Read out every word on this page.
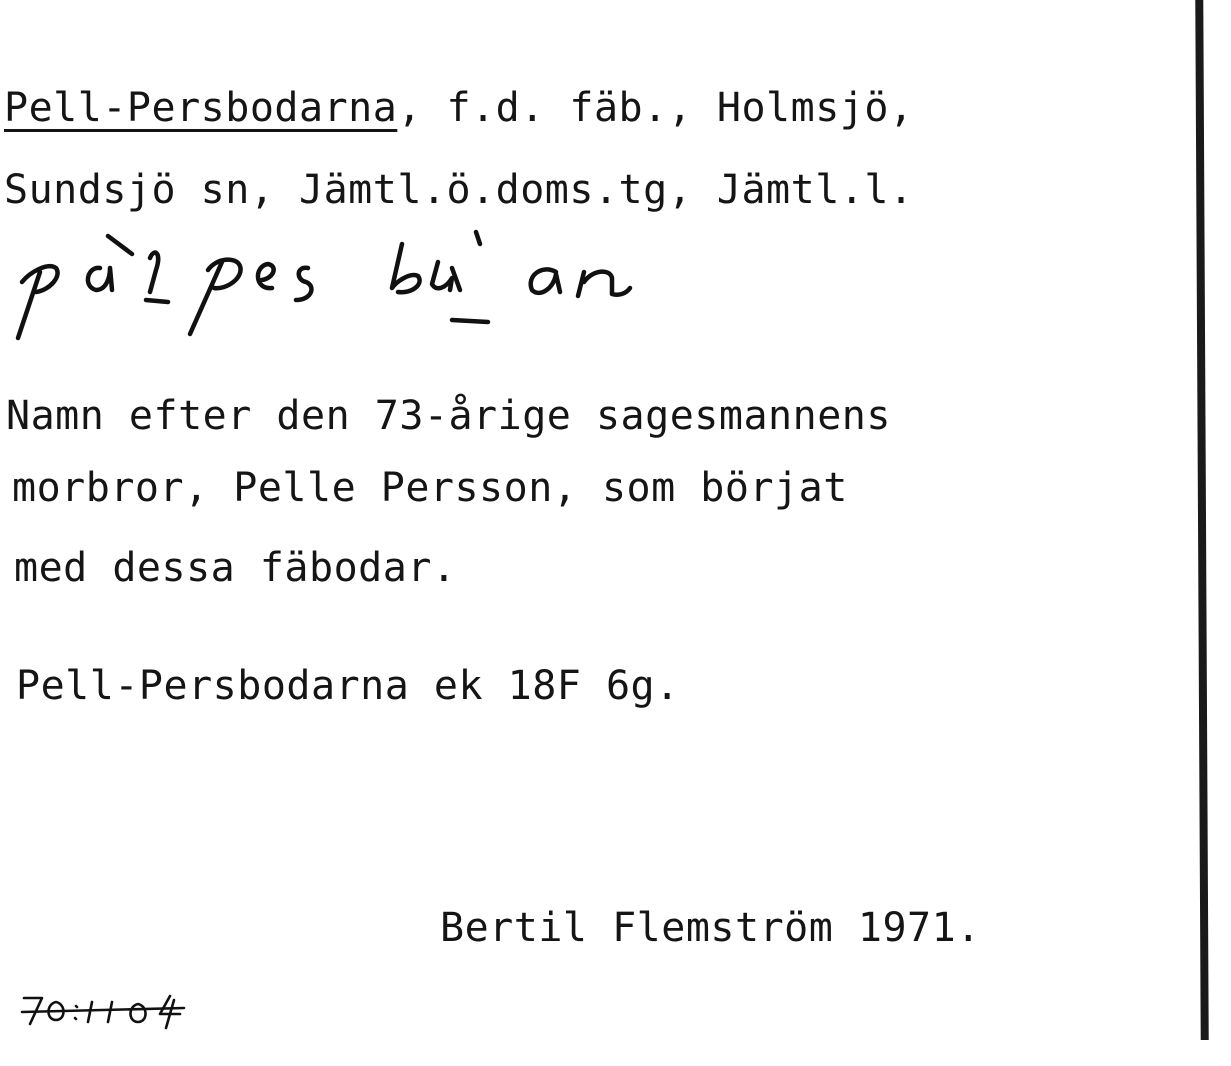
Pell-Persbodarna, f.d. fäb., Holmsjö,
Sundsjö sn, Jämtl.ö.doms.tg, Jämtl.l.
Namn efter den 73-årige sagesmannens
morbror, Pelle Persson, som börjat
med dessa fäbodar.
Pell-Persbodarna ek 18F 6g.
Bertil Flemström 1971.
